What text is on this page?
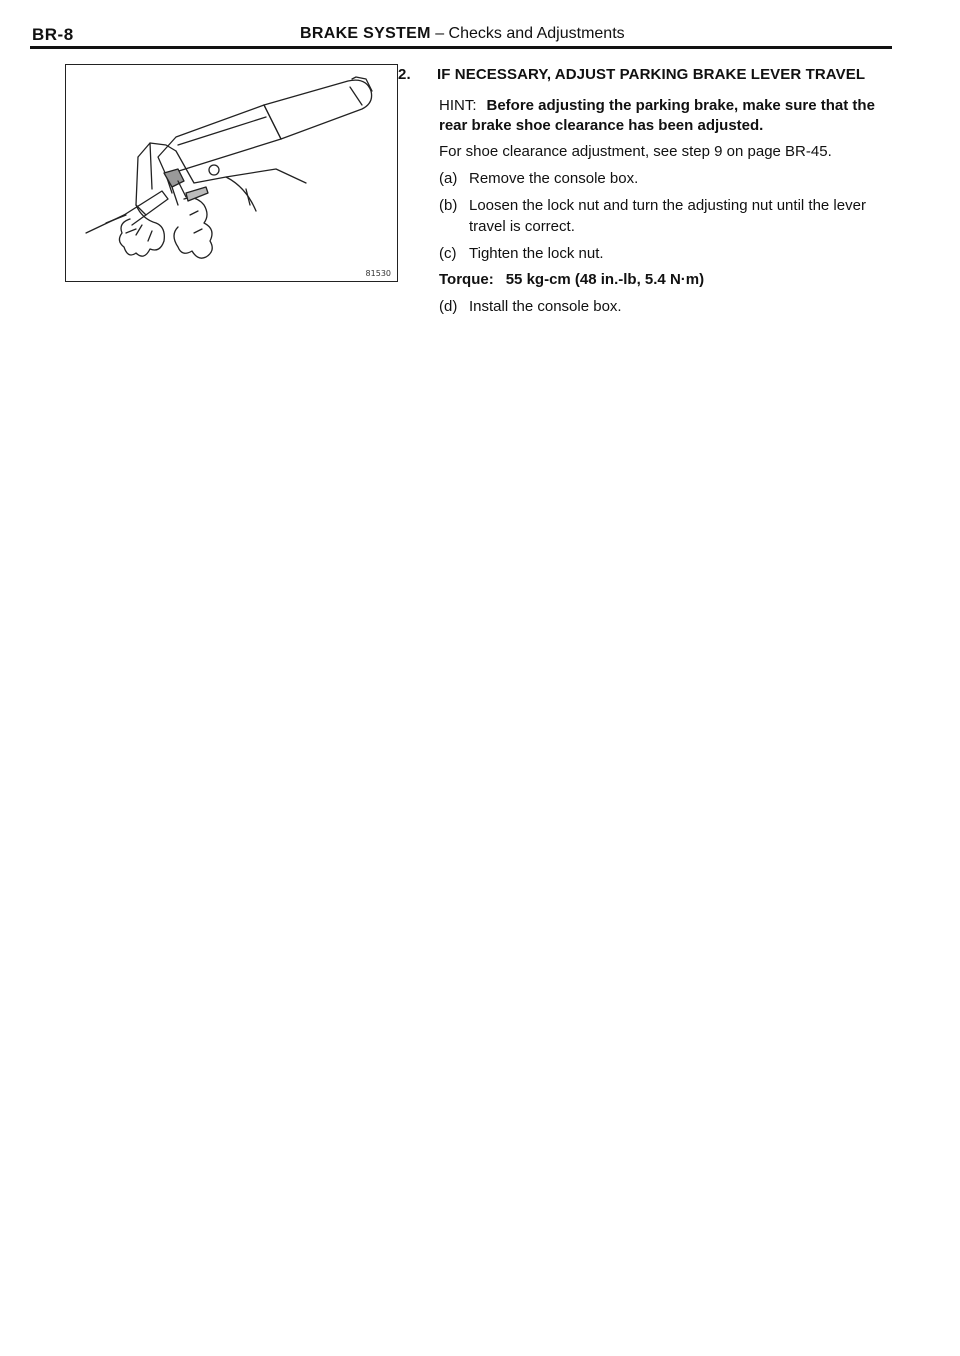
BR-8	BRAKE SYSTEM – Checks and Adjustments
81530
2. IF NECESSARY, ADJUST PARKING BRAKE LEVER TRAVEL
HINT: Before adjusting the parking brake, make sure that the rear brake shoe clearance has been adjusted.
For shoe clearance adjustment, see step 9 on page BR-45.
(a) Remove the console box.
(b) Loosen the lock nut and turn the adjusting nut until the lever travel is correct.
(c) Tighten the lock nut.
Torque: 55 kg-cm (48 in.-lb, 5.4 N·m)
(d) Install the console box.
